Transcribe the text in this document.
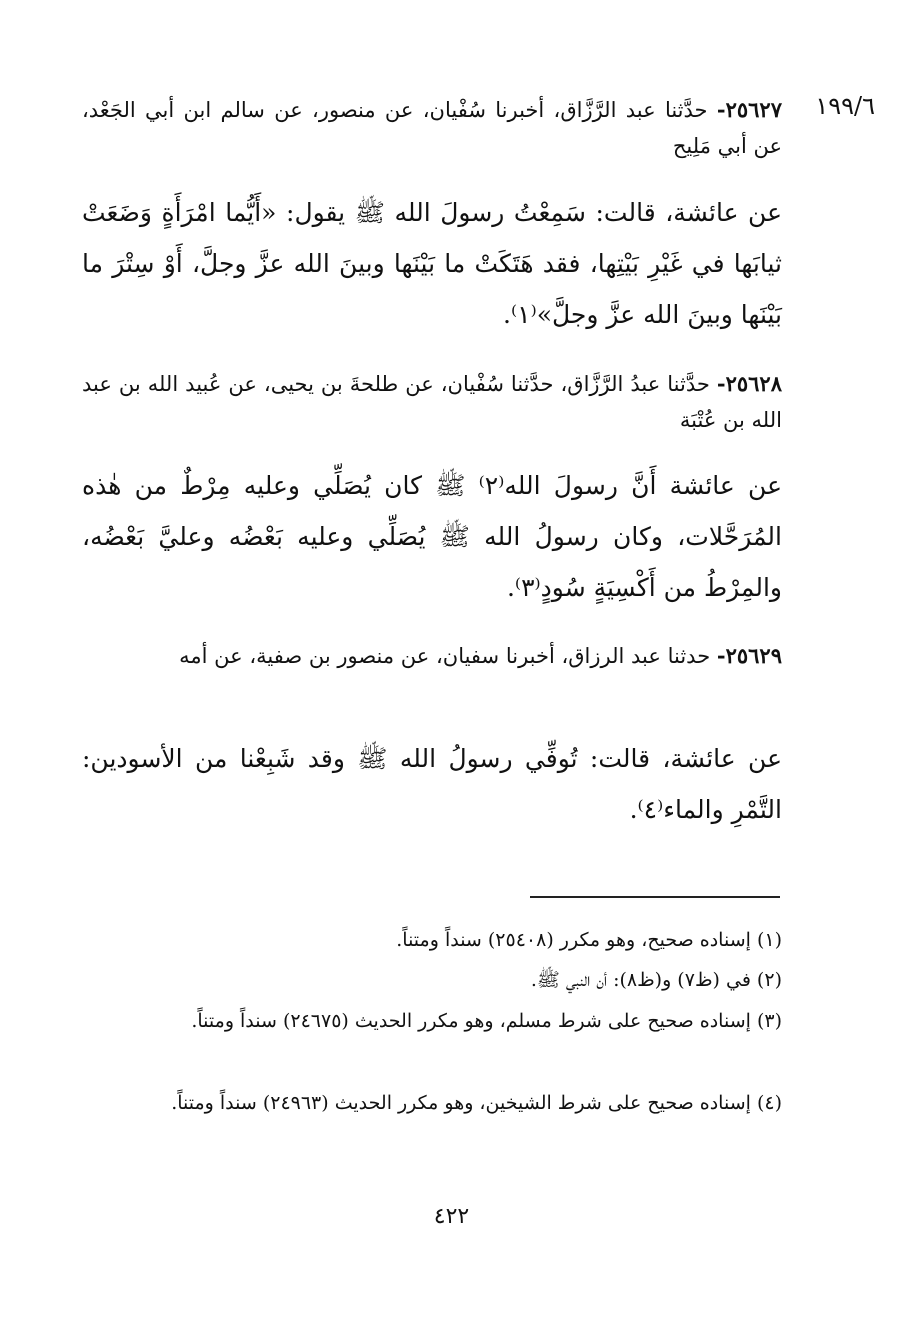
١٩٩/٦
٢٥٦٢٧- حدَّثنا عبد الرَّزَّاق، أخبرنا سُفْيان، عن منصور، عن سالم ابن أبي الجَعْد، عن أبي مَلِيح
عن عائشة، قالت: سَمِعْتُ رسولَ الله ﷺ يقول: «أَيُّما امْرَأَةٍ وَضَعَتْ ثيابَها في غَيْرِ بَيْتِها، فقد هَتَكَتْ ما بَيْنَها وبينَ الله عزَّ وجلَّ، أَوْ سِتْرَ ما بَيْنَها وبينَ الله عزَّ وجلَّ»⁽١⁾.
٢٥٦٢٨- حدَّثنا عبدُ الرَّزَّاق، حدَّثنا سُفْيان، عن طلحةَ بن يحيى، عن عُبيد الله بن عبد الله بن عُتْبَة
عن عائشة أَنَّ رسولَ الله⁽٢⁾ ﷺ كان يُصَلِّي وعليه مِرْطٌ من هٰذه المُرَحَّلات، وكان رسولُ الله ﷺ يُصَلِّي وعليه بَعْضُه وعليَّ بَعْضُه، والمِرْطُ من أَكْسِيَةٍ سُودٍ⁽٣⁾.
٢٥٦٢٩- حدثنا عبد الرزاق، أخبرنا سفيان، عن منصور بن صفية، عن أمه
عن عائشة، قالت: تُوفِّي رسولُ الله ﷺ وقد شَبِعْنا من الأسودين: التَّمْرِ والماء⁽٤⁾.
(١) إسناده صحيح، وهو مكرر (٢٥٤٠٨) سنداً ومتناً.
(٢) في (ظ٧) و(ظ٨): أن النبي ﷺ.
(٣) إسناده صحيح على شرط مسلم، وهو مكرر الحديث (٢٤٦٧٥) سنداً ومتناً.
(٤) إسناده صحيح على شرط الشيخين، وهو مكرر الحديث (٢٤٩٦٣) سنداً ومتناً.
٤٢٢
